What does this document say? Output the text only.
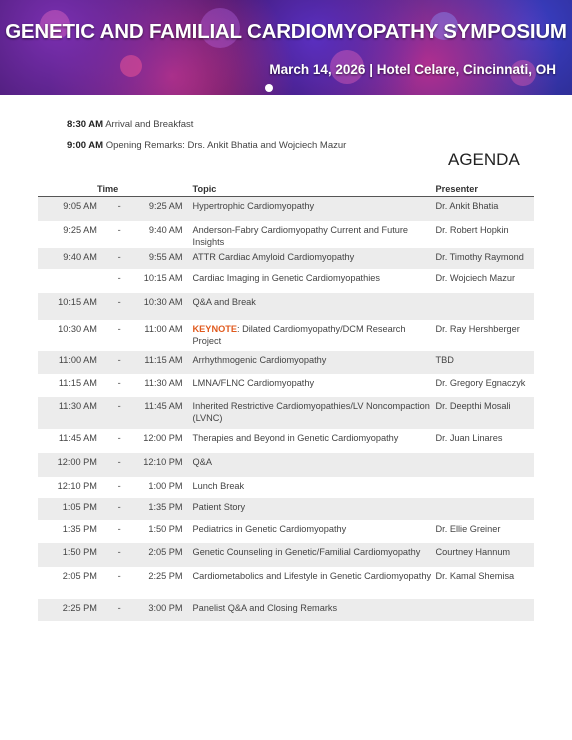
GENETIC AND FAMILIAL CARDIOMYOPATHY SYMPOSIUM
March 14, 2026 | Hotel Celare, Cincinnati, OH
8:30 AM Arrival and Breakfast
9:00 AM Opening Remarks: Drs. Ankit Bhatia and Wojciech Mazur
AGENDA
Time			Topic	Presenter
9:05 AM	-	9:25 AM	Hypertrophic Cardiomyopathy	Dr. Ankit Bhatia
9:25 AM	-	9:40 AM	Anderson-Fabry Cardiomyopathy Current and Future Insights	Dr. Robert Hopkin
9:40 AM	-	9:55 AM	ATTR Cardiac Amyloid Cardiomyopathy	Dr. Timothy Raymond
	-	10:15 AM	Cardiac Imaging in Genetic Cardiomyopathies	Dr. Wojciech Mazur
10:15 AM	-	10:30 AM	Q&A and Break	
10:30 AM	-	11:00 AM	KEYNOTE: Dilated Cardiomyopathy/DCM Research Project	Dr. Ray Hershberger
11:00 AM	-	11:15 AM	Arrhythmogenic Cardiomyopathy	TBD
11:15 AM	-	11:30 AM	LMNA/FLNC Cardiomyopathy	Dr. Gregory Egnaczyk
11:30 AM	-	11:45 AM	Inherited Restrictive Cardiomyopathies/LV Noncompaction (LVNC)	Dr. Deepthi Mosali
11:45 AM	-	12:00 PM	Therapies and Beyond in Genetic Cardiomyopathy	Dr. Juan Linares
12:00 PM	-	12:10 PM	Q&A	
12:10 PM	-	1:00 PM	Lunch Break	
1:05 PM	-	1:35 PM	Patient Story	
1:35 PM	-	1:50 PM	Pediatrics in Genetic Cardiomyopathy	Dr. Ellie Greiner
1:50 PM	-	2:05 PM	Genetic Counseling in Genetic/Familial Cardiomyopathy	Courtney Hannum
2:05 PM	-	2:25 PM	Cardiometabolics and Lifestyle in Genetic Cardiomyopathy	Dr. Kamal Shemisa
2:25 PM	-	3:00 PM	Panelist Q&A and Closing Remarks	
